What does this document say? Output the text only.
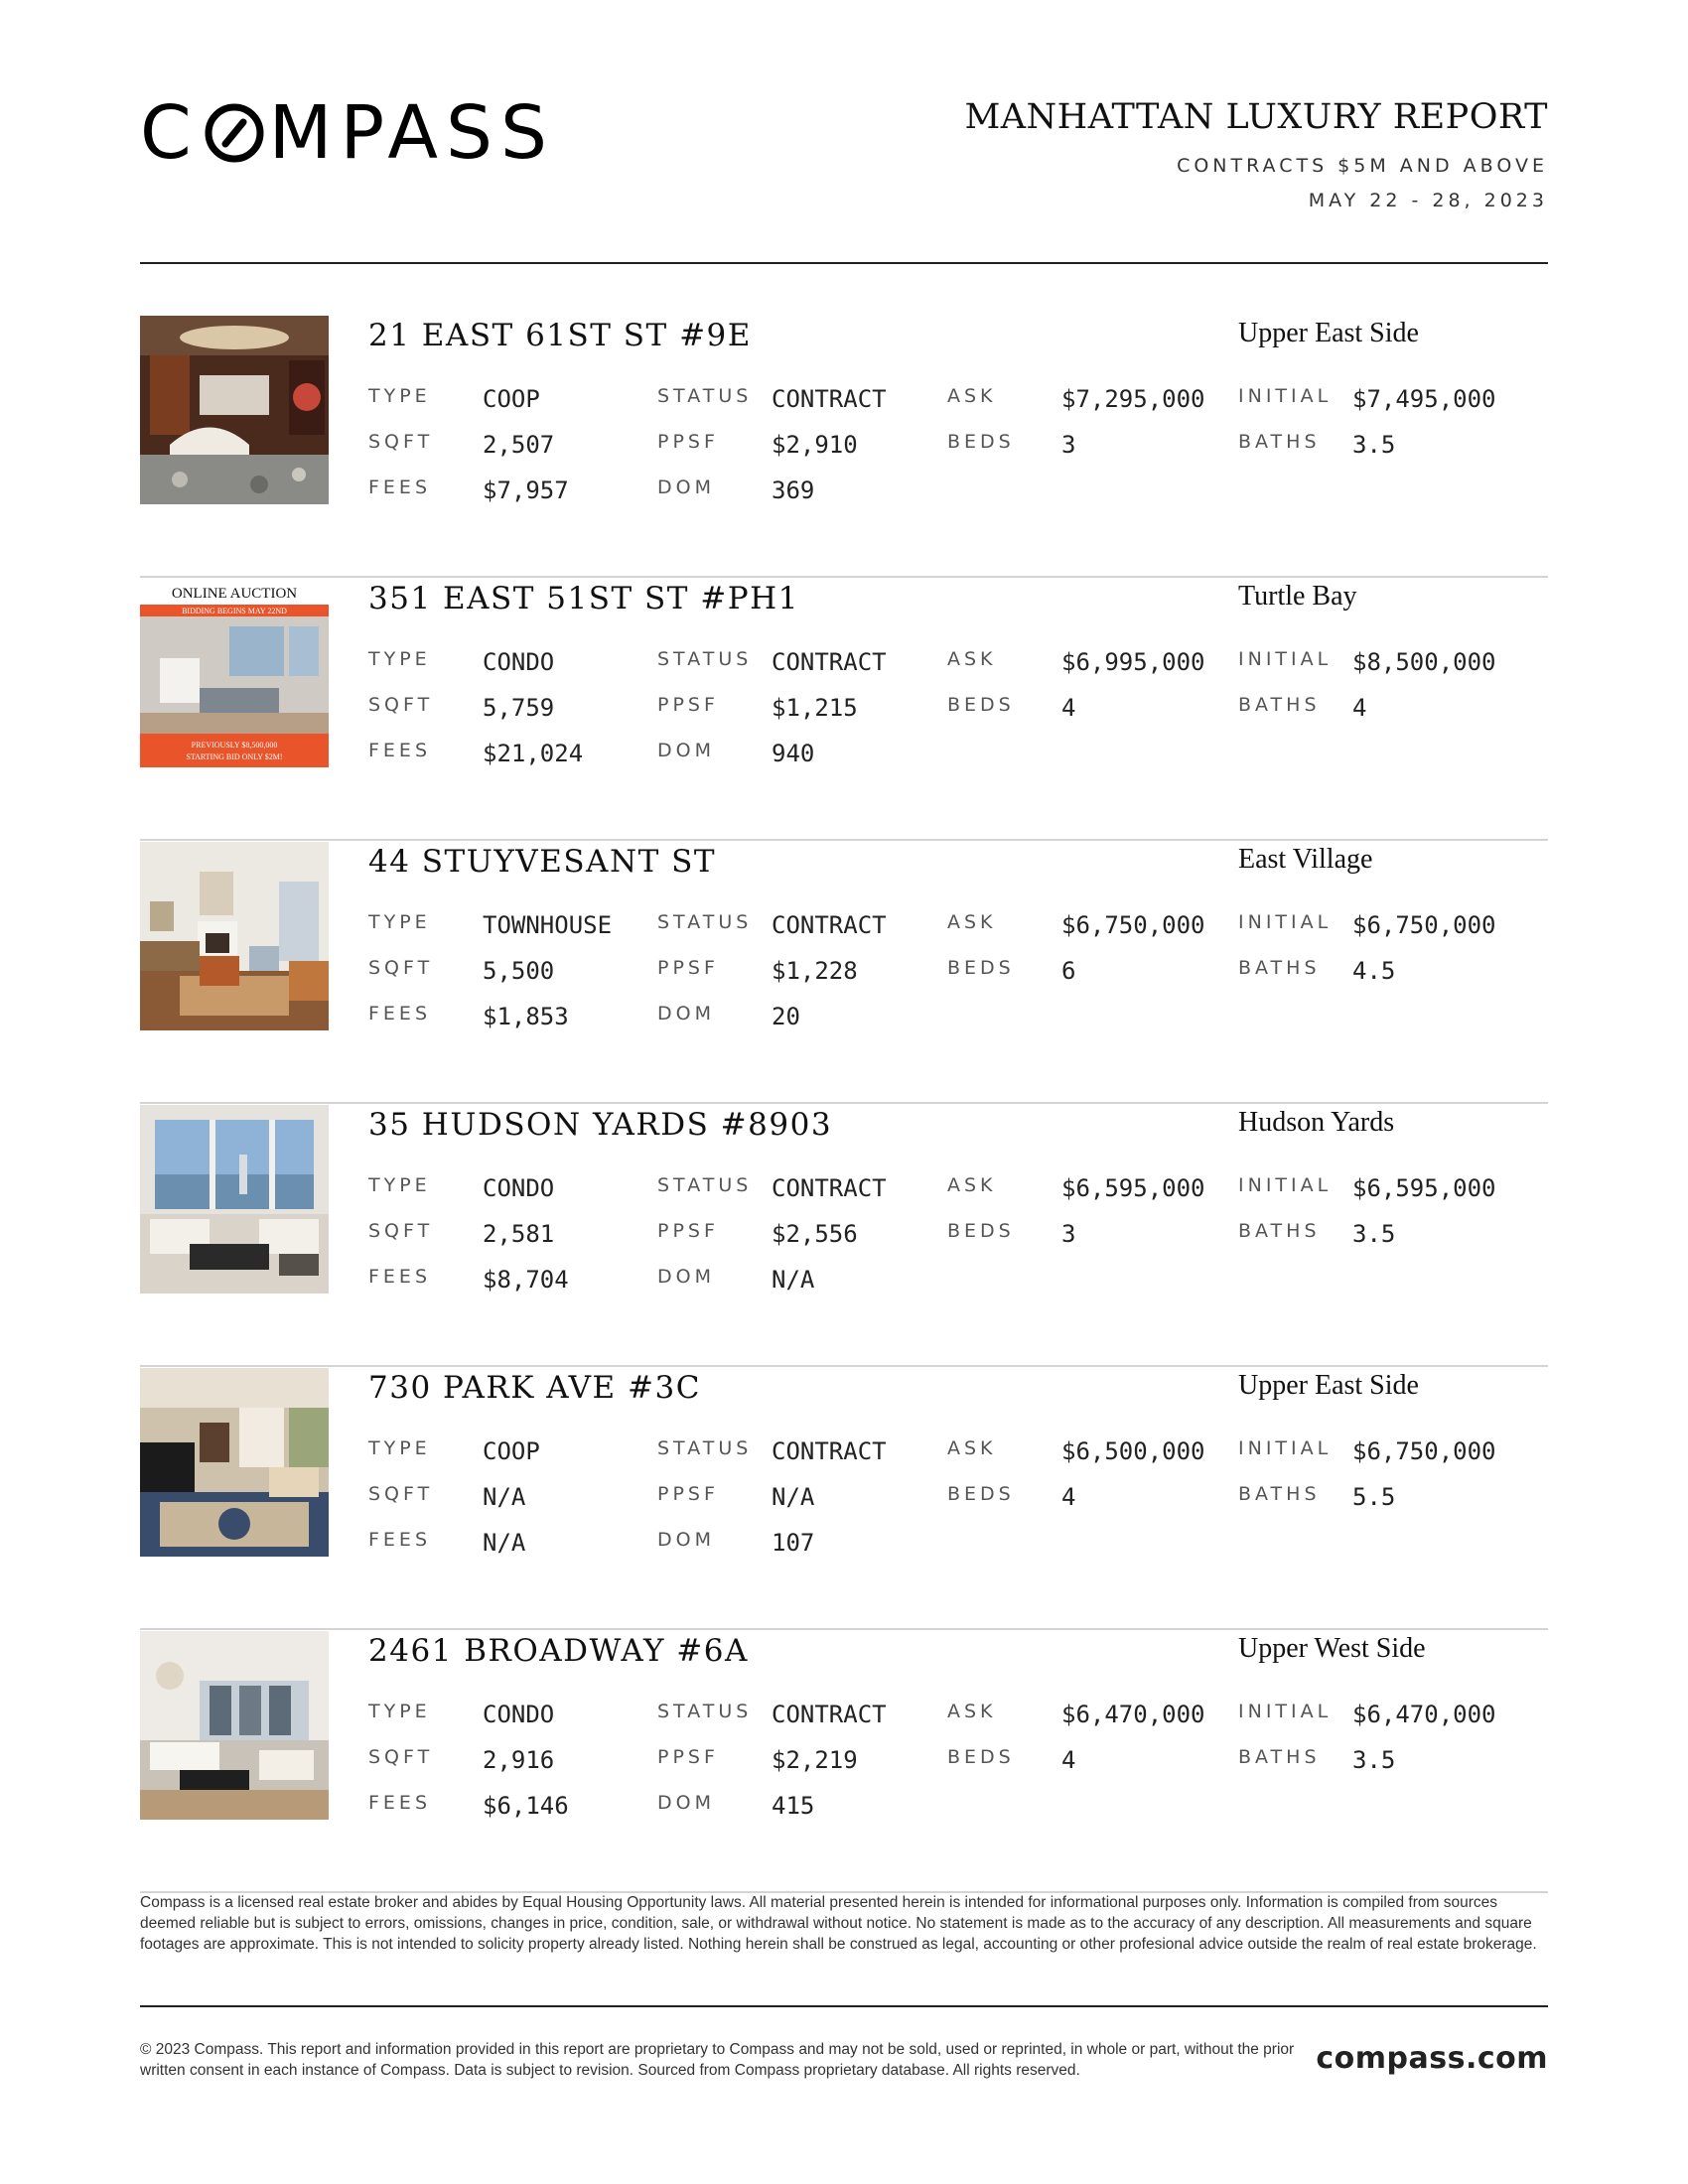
C MPASS	MANHATTAN LUXURY REPORT
CONTRACTS $5M AND ABOVE
MAY 22 - 28, 2023
21 EAST 61ST ST #9E	Upper East Side
TYPE COOP	STATUS CONTRACT	ASK	$7,295,000 INITIAL $7,495,000
SQFT 2,507	PPSF $2,910	BEDS 3	BATHS 3.5
FEES $7,957	DOM 369
ONLINE AUCTION
BIDDING BEGINS MAY 22ND
PREVIOUSLY $8,500,000
STARTING BID ONLY $2M!
351 EAST 51ST ST #PH1	Turtle Bay
TYPE CONDO	STATUS CONTRACT	ASK	$6,995,000 INITIAL $8,500,000
SQFT 5,759	PPSF $1,215	BEDS 4	BATHS 4
FEES $21,024	DOM 940
44 STUYVESANT ST	East Village
TYPE TOWNHOUSE STATUS CONTRACT	ASK	$6,750,000 INITIAL $6,750,000
SQFT 5,500	PPSF $1,228	BEDS 6	BATHS 4.5
FEES $1,853	DOM 20
35 HUDSON YARDS #8903	Hudson Yards
TYPE CONDO	STATUS CONTRACT	ASK	$6,595,000 INITIAL $6,595,000
SQFT 2,581	PPSF $2,556	BEDS 3	BATHS 3.5
FEES $8,704	DOM N/A
730 PARK AVE #3C	Upper East Side
TYPE COOP	STATUS CONTRACT	ASK	$6,500,000 INITIAL $6,750,000
SQFT N/A	PPSF N/A	BEDS 4	BATHS 5.5
FEES N/A	DOM 107
2461 BROADWAY #6A	Upper West Side
TYPE CONDO	STATUS CONTRACT	ASK	$6,470,000 INITIAL $6,470,000
SQFT 2,916	PPSF $2,219	BEDS 4	BATHS 3.5
FEES $6,146	DOM 415
Compass is a licensed real estate broker and abides by Equal Housing Opportunity laws. All material presented herein is intended for informational purposes only. Information is compiled from sources deemed reliable but is subject to errors, omissions, changes in price, condition, sale, or withdrawal without notice. No statement is made as to the accuracy of any description. All measurements and square footages are approximate. This is not intended to solicity property already listed. Nothing herein shall be construed as legal, accounting or other profesional advice outside the realm of real estate brokerage.
© 2023 Compass. This report and information provided in this report are proprietary to Compass and may not be sold, used or reprinted, in whole or part, without the prior written consent in each instance of Compass. Data is subject to revision. Sourced from Compass proprietary database. All rights reserved.	compass.com
